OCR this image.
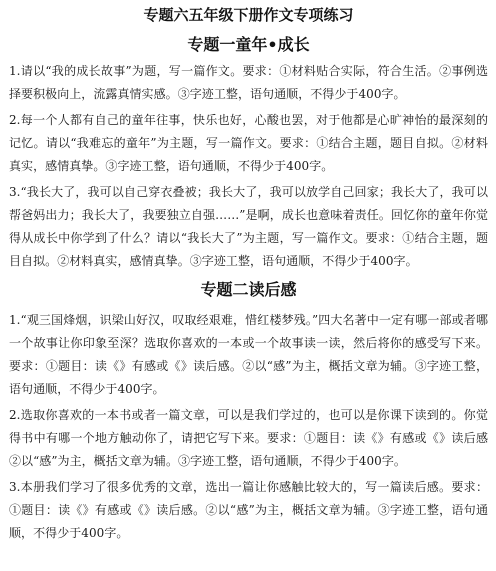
专题六五年级下册作文专项练习
专题一童年•成长

1.请以“我的成长故事”为题，写一篇作文。要求：①材料贴合实际，符合生活。②事例选择要积极向上，流露真情实感。③字迹工整，语句通顺，不得少于400字。

2.每一个人都有自己的童年往事，快乐也好，心酸也罢，对于他都是心旷神怡的最深刻的记忆。请以“我难忘的童年”为主题，写一篇作文。要求：①结合主题，题目自拟。②材料真实，感情真挚。③字迹工整，语句通顺，不得少于400字。

3.“我长大了，我可以自己穿衣叠被；我长大了，我可以放学自己回家；我长大了，我可以帮爸妈出力；我长大了，我要独立自强……”是啊，成长也意味着责任。回忆你的童年你觉得从成长中你学到了什么？请以“我长大了”为主题，写一篇作文。要求：①结合主题，题目自拟。②材料真实，感情真挚。③字迹工整，语句通顺，不得少于400字。

专题二读后感

1.“观三国烽烟，识梁山好汉，叹取经艰难，惜红楼梦残。”四大名著中一定有哪一部或者哪一个故事让你印象至深？选取你喜欢的一本或一个故事读一读，然后将你的感受写下来。要求：①题目：读《》有感或《》读后感。②以“感”为主，概括文章为辅。③字迹工整，语句通顺，不得少于400字。

2.选取你喜欢的一本书或者一篇文章，可以是我们学过的，也可以是你课下读到的。你觉得书中有哪一个地方触动你了，请把它写下来。要求：①题目：读《》有感或《》读后感②以“感”为主，概括文章为辅。③字迹工整，语句通顺，不得少于400字。

3.本册我们学习了很多优秀的文章，选出一篇让你感触比较大的，写一篇读后感。要求：①题目：读《》有感或《》读后感。②以“感”为主，概括文章为辅。③字迹工整，语句通顺，不得少于400字。
